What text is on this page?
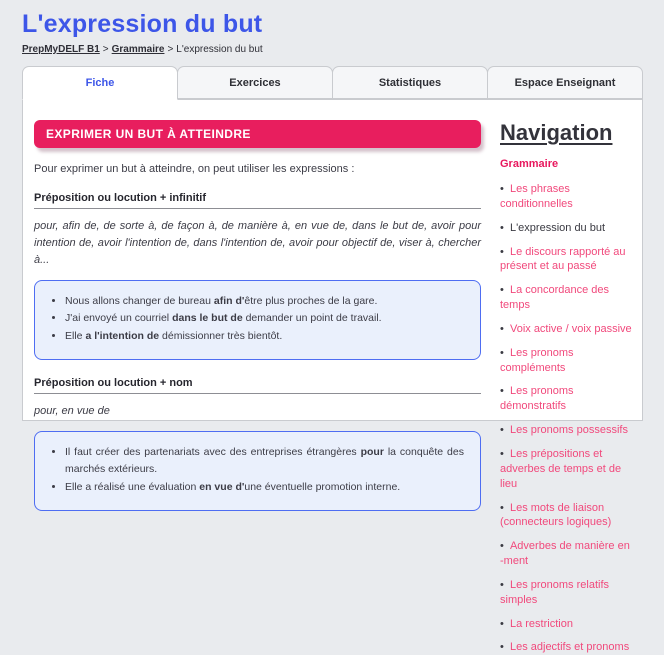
L'expression du but
PrepMyDELF B1 > Grammaire > L'expression du but
Fiche	Exercices	Statistiques	Espace Enseignant
EXPRIMER UN BUT À ATTEINDRE

Pour exprimer un but à atteindre, on peut utiliser les expressions :

Préposition ou locution + infinitif

pour, afin de, de sorte à, de façon à, de manière à, en vue de, dans le but de, avoir pour intention de, avoir l'intention de, dans l'intention de, avoir pour objectif de, viser à, chercher à...

• Nous allons changer de bureau afin d'être plus proches de la gare.
• J'ai envoyé un courriel dans le but de demander un point de travail.
• Elle a l'intention de démissionner très bientôt.
Préposition ou locution + nom

pour, en vue de

• Il faut créer des partenariats avec des entreprises étrangères pour la conquête des marchés extérieurs.
• Elle a réalisé une évaluation en vue d'une éventuelle promotion interne.
Navigation
Grammaire
•  Les phrases conditionnelles
•  L'expression du but
•  Le discours rapporté au présent et au passé
•  La concordance des temps
•  Voix active / voix passive
•  Les pronoms compléments
•  Les pronoms démonstratifs
•  Les pronoms possessifs
•  Les prépositions et adverbes de temps et de lieu
•  Les mots de liaison (connecteurs logiques)
•  Adverbes de manière en -ment
•  Les pronoms relatifs simples
•  La restriction
•  Les adjectifs et pronoms
